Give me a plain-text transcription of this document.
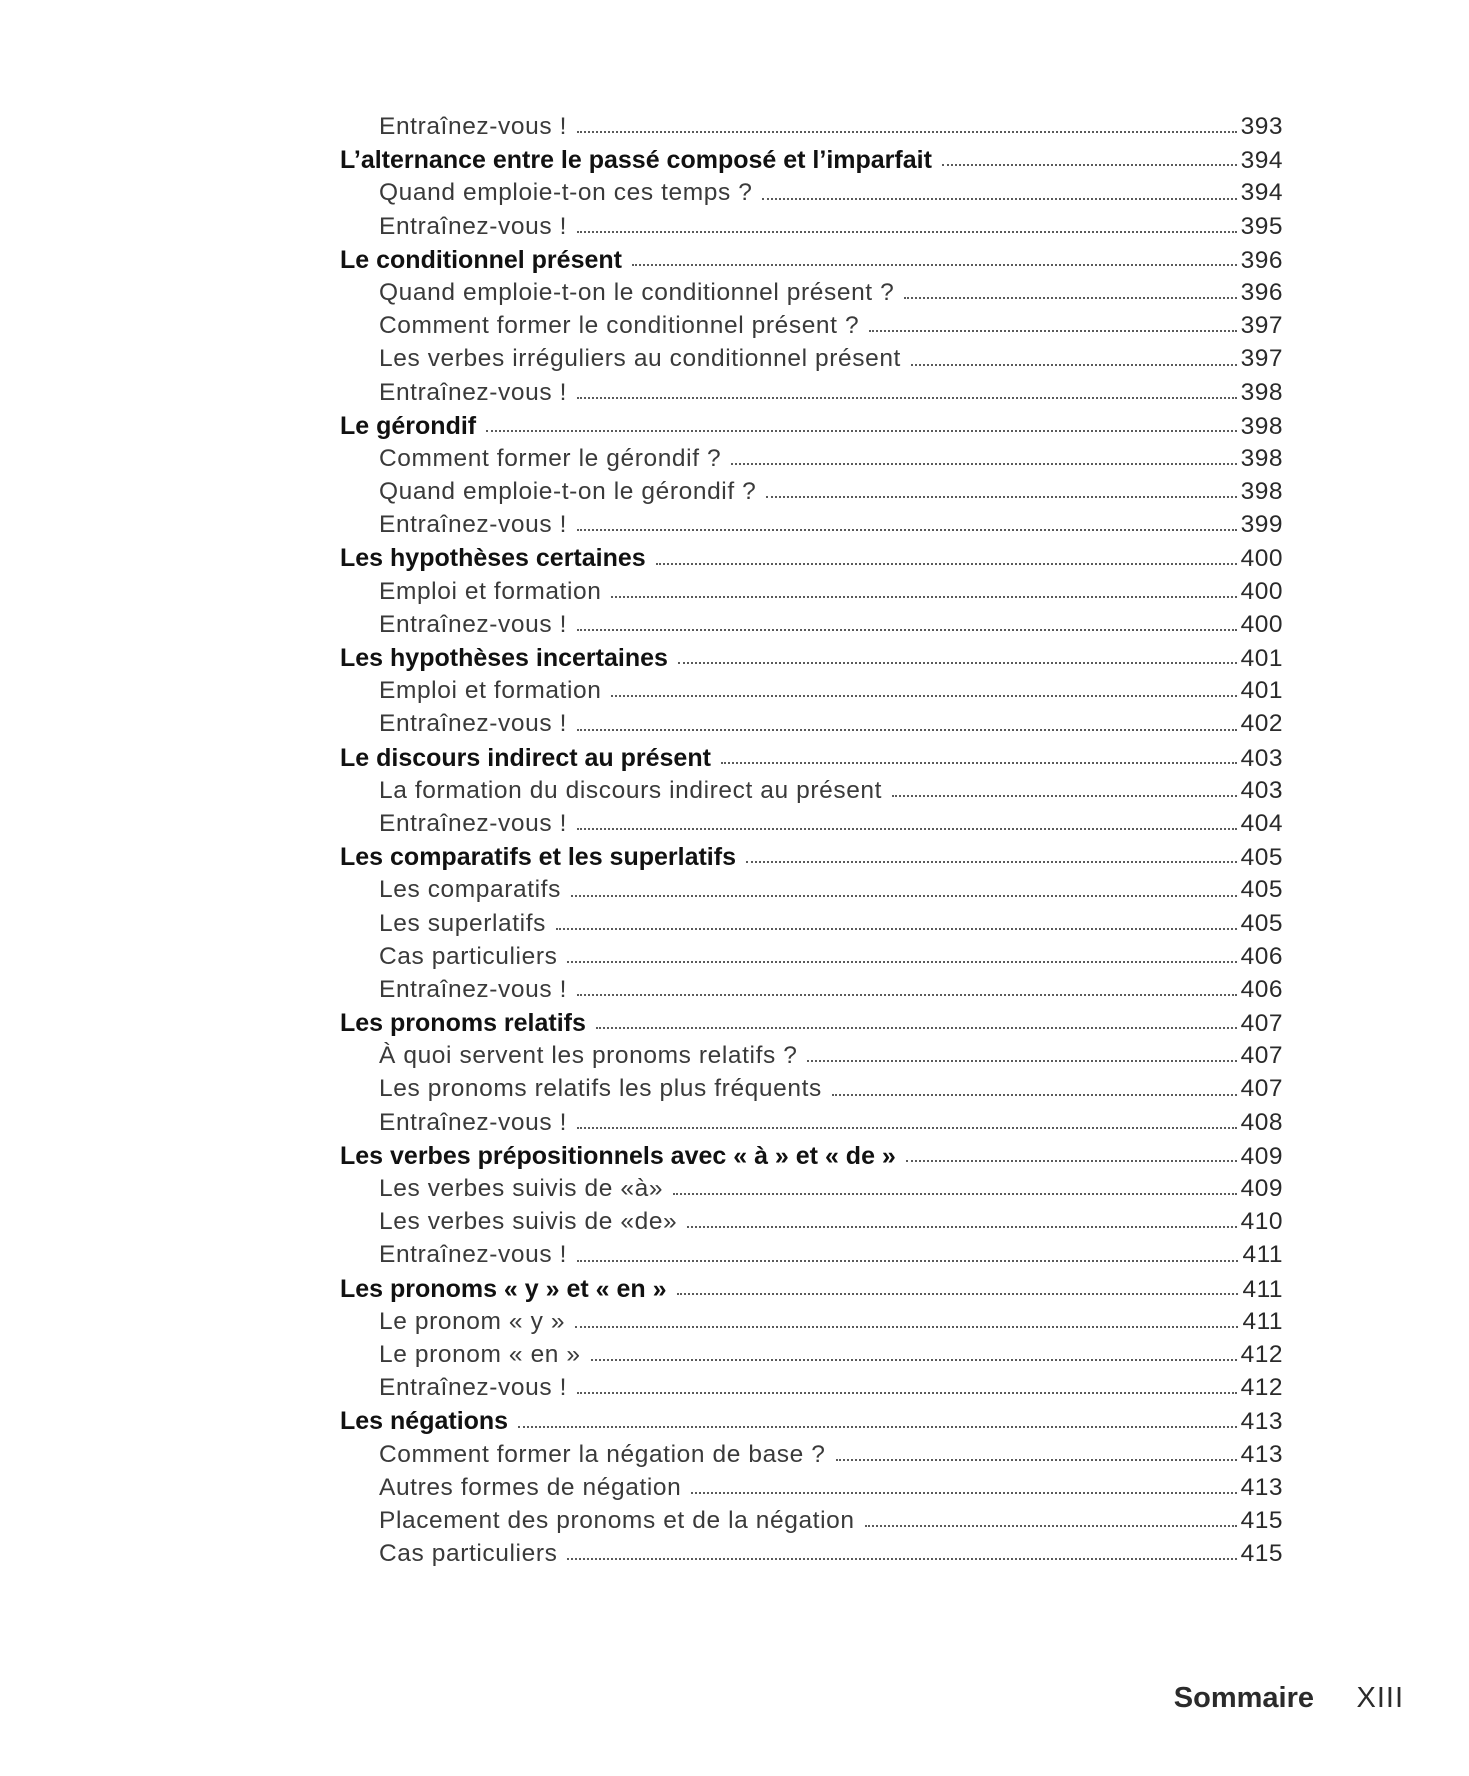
Entraînez-vous !	393
L’alternance entre le passé composé et l’imparfait	394
Quand emploie-t-on ces temps ?	394
Entraînez-vous !	395
Le conditionnel présent	396
Quand emploie-t-on le conditionnel présent ?	396
Comment former le conditionnel présent ?	397
Les verbes irréguliers au conditionnel présent	397
Entraînez-vous !	398
Le gérondif	398
Comment former le gérondif ?	398
Quand emploie-t-on le gérondif ?	398
Entraînez-vous !	399
Les hypothèses certaines	400
Emploi et formation	400
Entraînez-vous !	400
Les hypothèses incertaines	401
Emploi et formation	401
Entraînez-vous !	402
Le discours indirect au présent	403
La formation du discours indirect au présent	403
Entraînez-vous !	404
Les comparatifs et les superlatifs	405
Les comparatifs	405
Les superlatifs	405
Cas particuliers	406
Entraînez-vous !	406
Les pronoms relatifs	407
À quoi servent les pronoms relatifs ?	407
Les pronoms relatifs les plus fréquents	407
Entraînez-vous !	408
Les verbes prépositionnels avec « à » et « de »	409
Les verbes suivis de «à»	409
Les verbes suivis de «de»	410
Entraînez-vous !	411
Les pronoms « y » et « en »	411
Le pronom « y »	411
Le pronom « en »	412
Entraînez-vous !	412
Les négations	413
Comment former la négation de base ?	413
Autres formes de négation	413
Placement des pronoms et de la négation	415
Cas particuliers	415
Sommaire XIII
